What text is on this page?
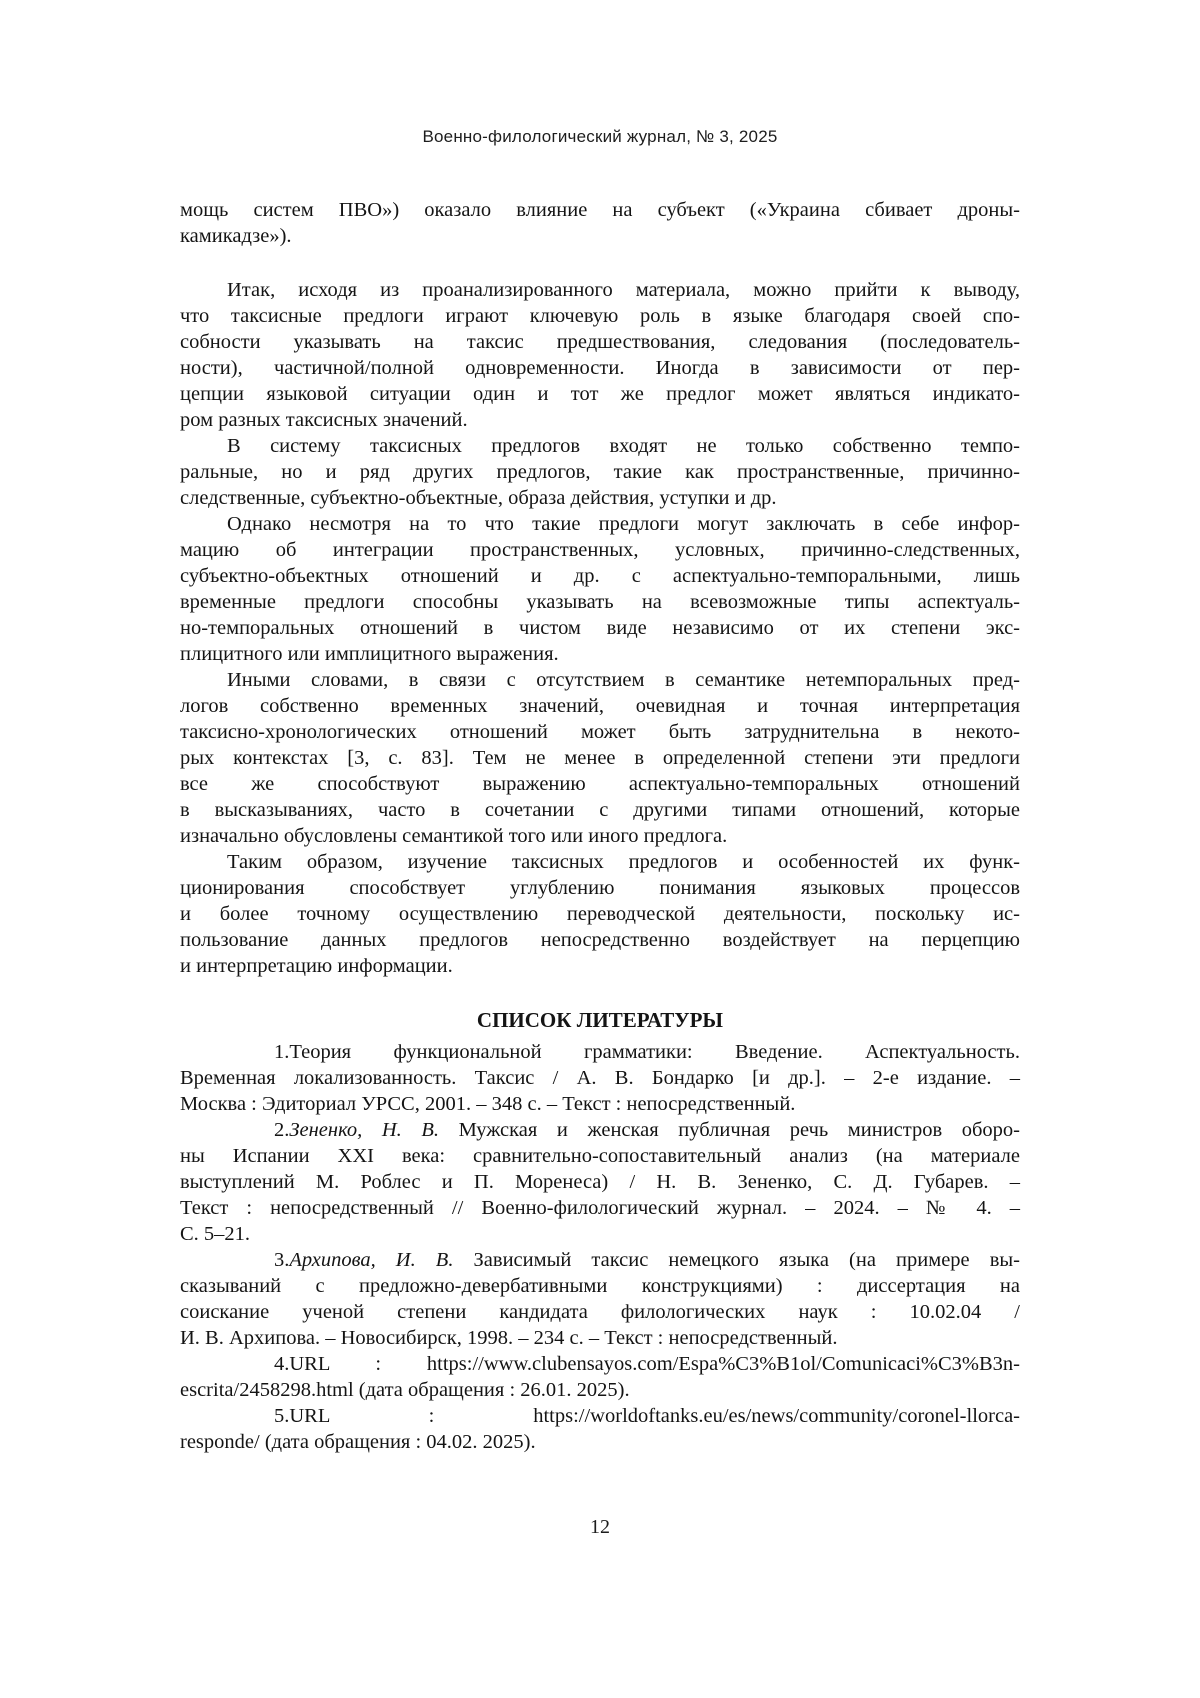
Военно-филологический журнал, № 3, 2025
мощь систем ПВО») оказало влияние на субъект («Украина сбивает дроны-
камикадзе»).
Итак, исходя из проанализированного материала, можно прийти к выводу,
что таксисные предлоги играют ключевую роль в языке благодаря своей спо-
собности указывать на таксис предшествования, следования (последователь-
ности), частичной/полной одновременности. Иногда в зависимости от пер-
цепции языковой ситуации один и тот же предлог может являться индикато-
ром разных таксисных значений.
В систему таксисных предлогов входят не только собственно темпо-
ральные, но и ряд других предлогов, такие как пространственные, причинно-
следственные, субъектно-объектные, образа действия, уступки и др.
Однако несмотря на то что такие предлоги могут заключать в себе инфор-
мацию об интеграции пространственных, условных, причинно-следственных,
субъектно-объектных отношений и др. с аспектуально-темпоральными, лишь
временные предлоги способны указывать на всевозможные типы аспектуаль-
но-темпоральных отношений в чистом виде независимо от их степени экс-
плицитного или имплицитного выражения.
Иными словами, в связи с отсутствием в семантике нетемпоральных пред-
логов собственно временных значений, очевидная и точная интерпретация
таксисно-хронологических отношений может быть затруднительна в некото-
рых контекстах [3, с. 83]. Тем не менее в определенной степени эти предлоги
все же способствуют выражению аспектуально-темпоральных отношений
в высказываниях, часто в сочетании с другими типами отношений, которые
изначально обусловлены семантикой того или иного предлога.
Таким образом, изучение таксисных предлогов и особенностей их функ-
ционирования способствует углублению понимания языковых процессов
и более точному осуществлению переводческой деятельности, поскольку ис-
пользование данных предлогов непосредственно воздействует на перцепцию
и интерпретацию информации.
СПИСОК ЛИТЕРАТУРЫ
1.Теория функциональной грамматики: Введение. Аспектуальность.
Временная локализованность. Таксис / А. В. Бондарко [и др.]. – 2-е издание. –
Москва : Эдиториал УРСС, 2001. – 348 с. – Текст : непосредственный.
2.Зененко, Н. В. Мужская и женская публичная речь министров оборо-
ны Испании XXI века: сравнительно-сопоставительный анализ (на материале
выступлений М. Роблес и П. Моренеса) / Н. В. Зененко, С. Д. Губарев. –
Текст : непосредственный // Военно-филологический журнал. – 2024. – № 4. –
С. 5–21.
3.Архипова, И. В. Зависимый таксис немецкого языка (на примере вы-
сказываний с предложно-девербативными конструкциями) : диссертация на
соискание ученой степени кандидата филологических наук : 10.02.04 /
И. В. Архипова. – Новосибирск, 1998. – 234 с. – Текст : непосредственный.
4.URL : https://www.clubensayos.com/Espa%C3%B1ol/Comunicaci%C3%B3n-
escrita/2458298.html (дата обращения : 26.01. 2025).
5.URL : https://worldoftanks.eu/es/news/community/coronel-llorca-
responde/ (дата обращения : 04.02. 2025).
12
